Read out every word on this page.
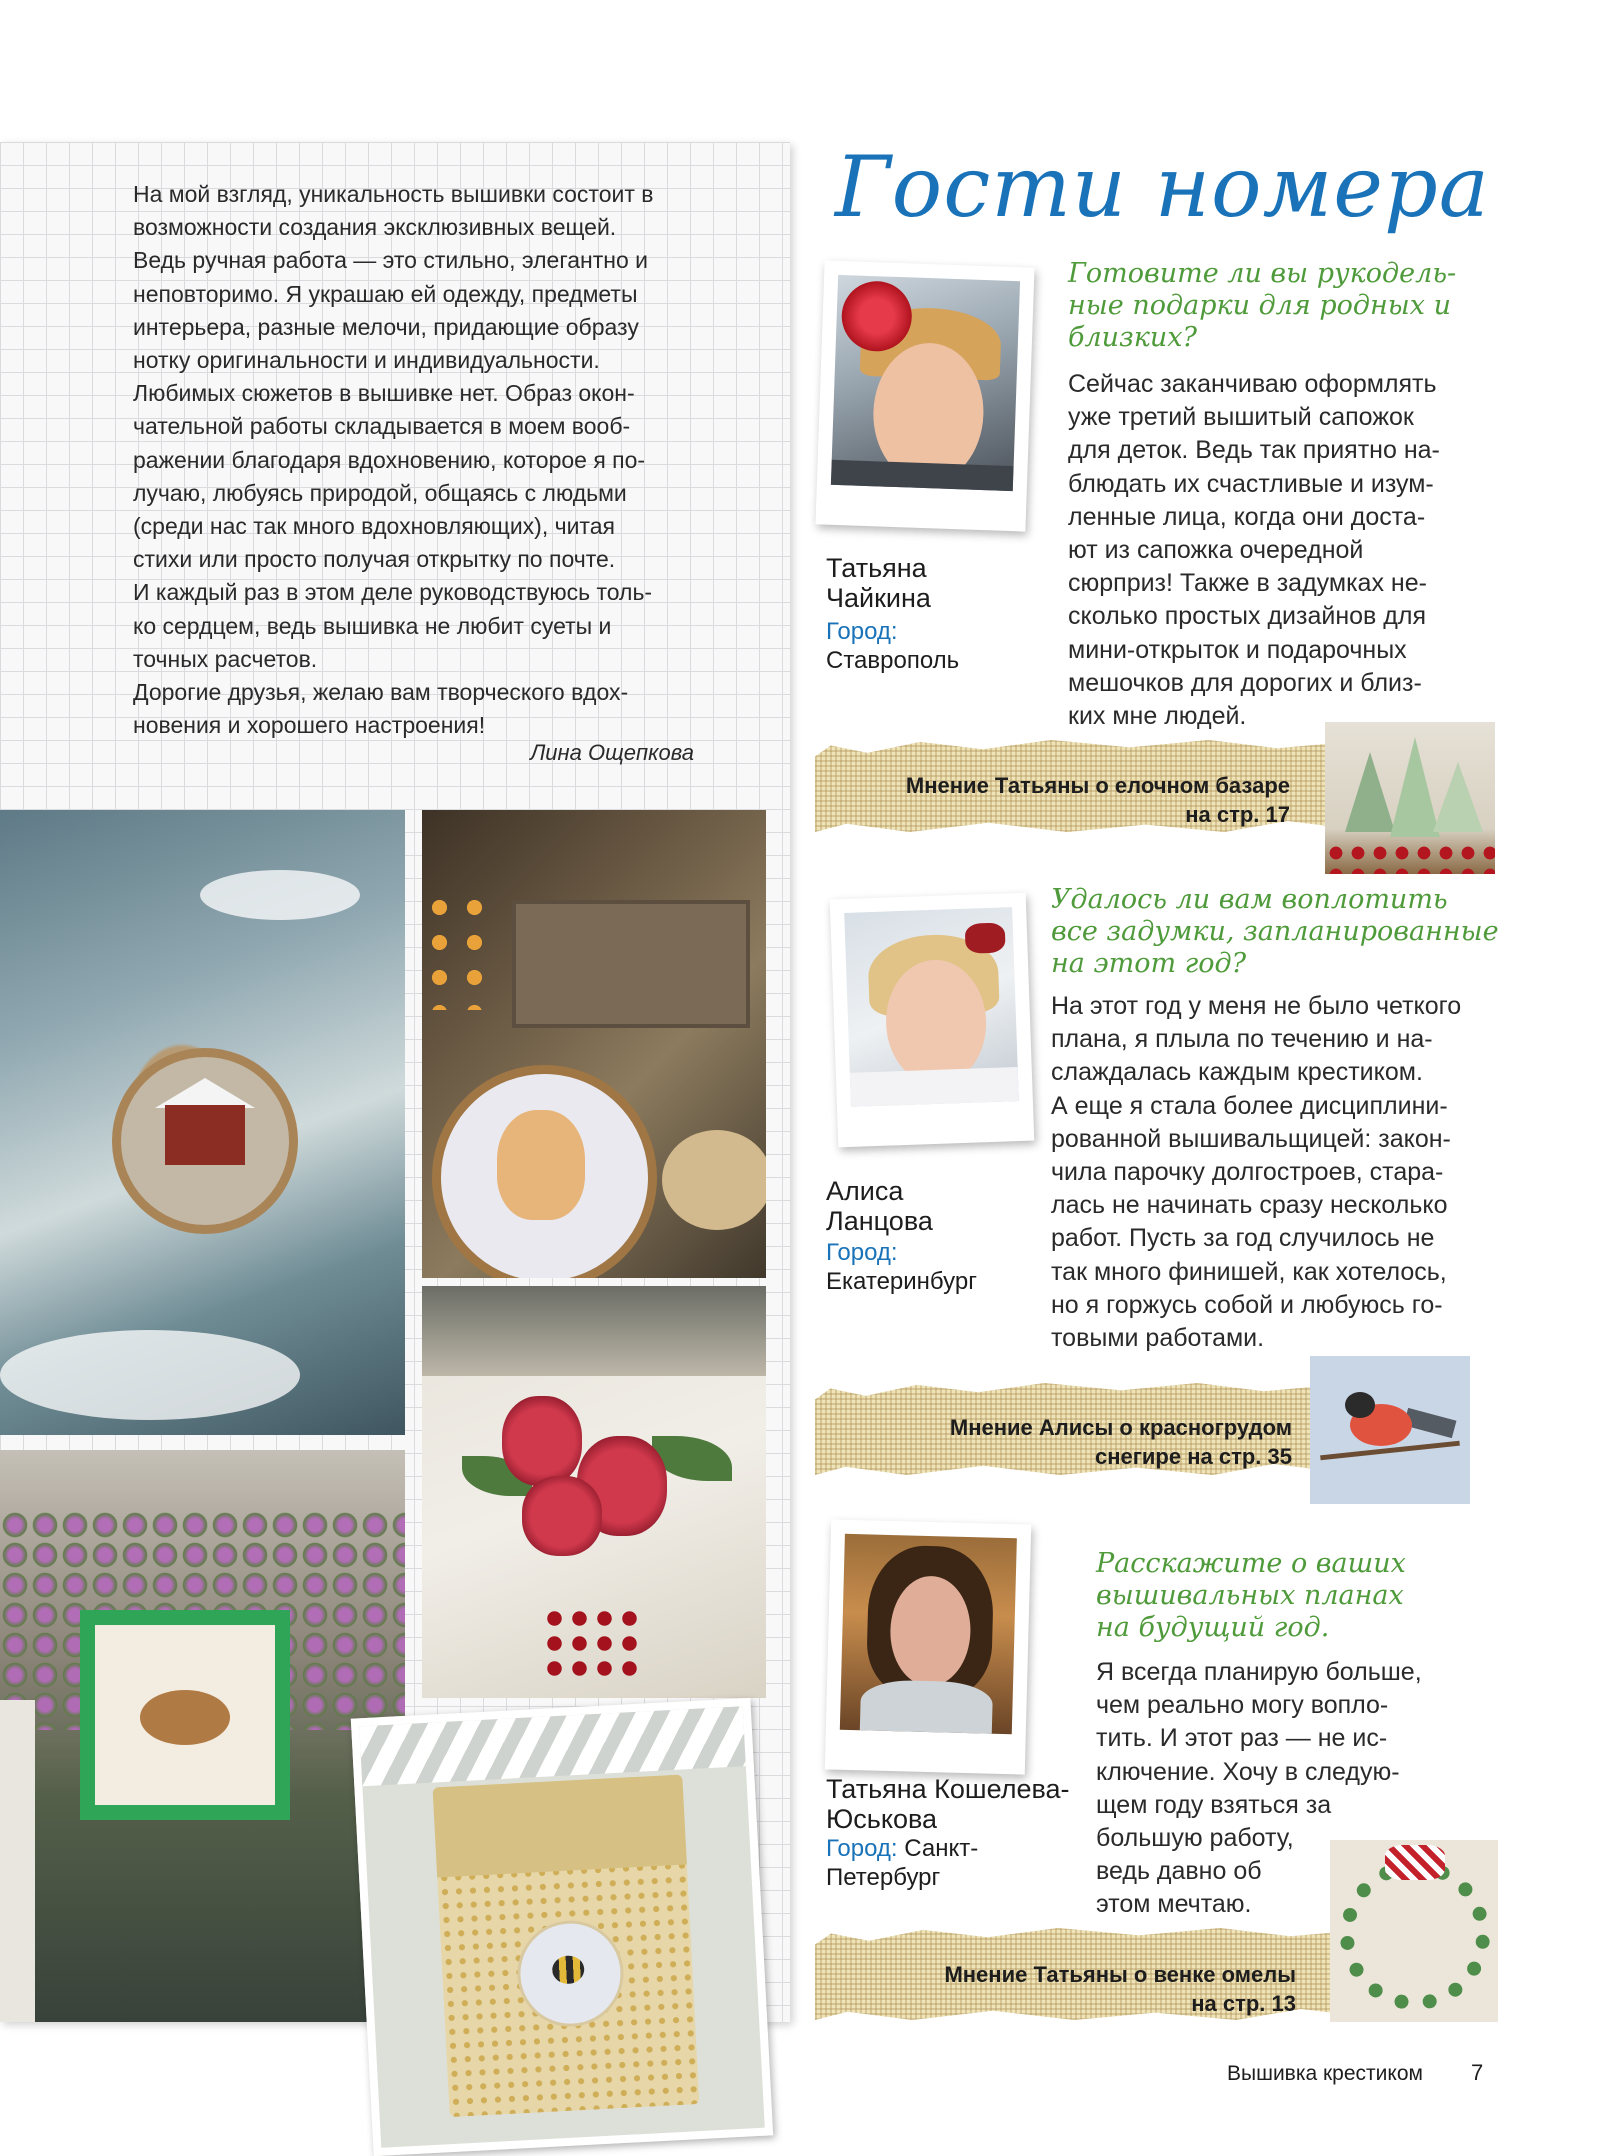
На мой взгляд, уникальность вышивки состоит в

возможности создания эксклюзивных вещей.

Ведь ручная работа — это стильно, элегантно и

неповторимо. Я украшаю ей одежду, предметы

интерьера, разные мелочи, придающие образу

нотку оригинальности и индивидуальности.

Любимых сюжетов в вышивке нет. Образ окон-

чательной работы складывается в моем вооб-

ражении благодаря вдохновению, которое я по-

лучаю, любуясь природой, общаясь с людьми

(среди нас так много вдохновляющих), читая

стихи или просто получая открытку по почте.

И каждый раз в этом деле руководствуюсь толь-

ко сердцем, ведь вышивка не любит суеты и

точных расчетов.

Дорогие друзья, желаю вам творческого вдох-

новения и хорошего настроения!

Лина Ощепкова
Гости номера
Готовите ли вы рукодель-
ные подарки для родных и
близких?
Сейчас заканчиваю оформлять
уже третий вышитый сапожок
для деток. Ведь так приятно на-
блюдать их счастливые и изум-
ленные лица, когда они доста-
ют из сапожка очередной
сюрприз! Также в задумках не-
сколько простых дизайнов для
мини-открыток и подарочных
мешочков для дорогих и близ-
ких мне людей.
Татьяна
Чайкина
Город:
Ставрополь
Мнение Татьяны о елочном базаре
на стр. 17
Удалось ли вам воплотить
все задумки, запланированные
на этот год?
На этот год у меня не было четкого
плана, я плыла по течению и на-
слаждалась каждым крестиком.
А еще я стала более дисциплини-
рованной вышивальщицей: закон-
чила парочку долгостроев, стара-
лась не начинать сразу несколько
работ. Пусть за год случилось не
так много финишей, как хотелось,
но я горжусь собой и любуюсь го-
товыми работами.
Алиса
Ланцова
Город:
Екатеринбург
Мнение Алисы о красногрудом
снегире на стр. 35
Расскажите о ваших
вышивальных планах
на будущий год.
Я всегда планирую больше,
чем реально могу вопло-
тить. И этот раз — не ис-
ключение. Хочу в следую-
щем году взяться за
большую работу,
ведь давно об
этом мечтаю.
Татьяна Кошелева-
Юськова
Город: Санкт-
Петербург
Мнение Татьяны о венке омелы
на стр. 13
Вышивка крестиком 7
